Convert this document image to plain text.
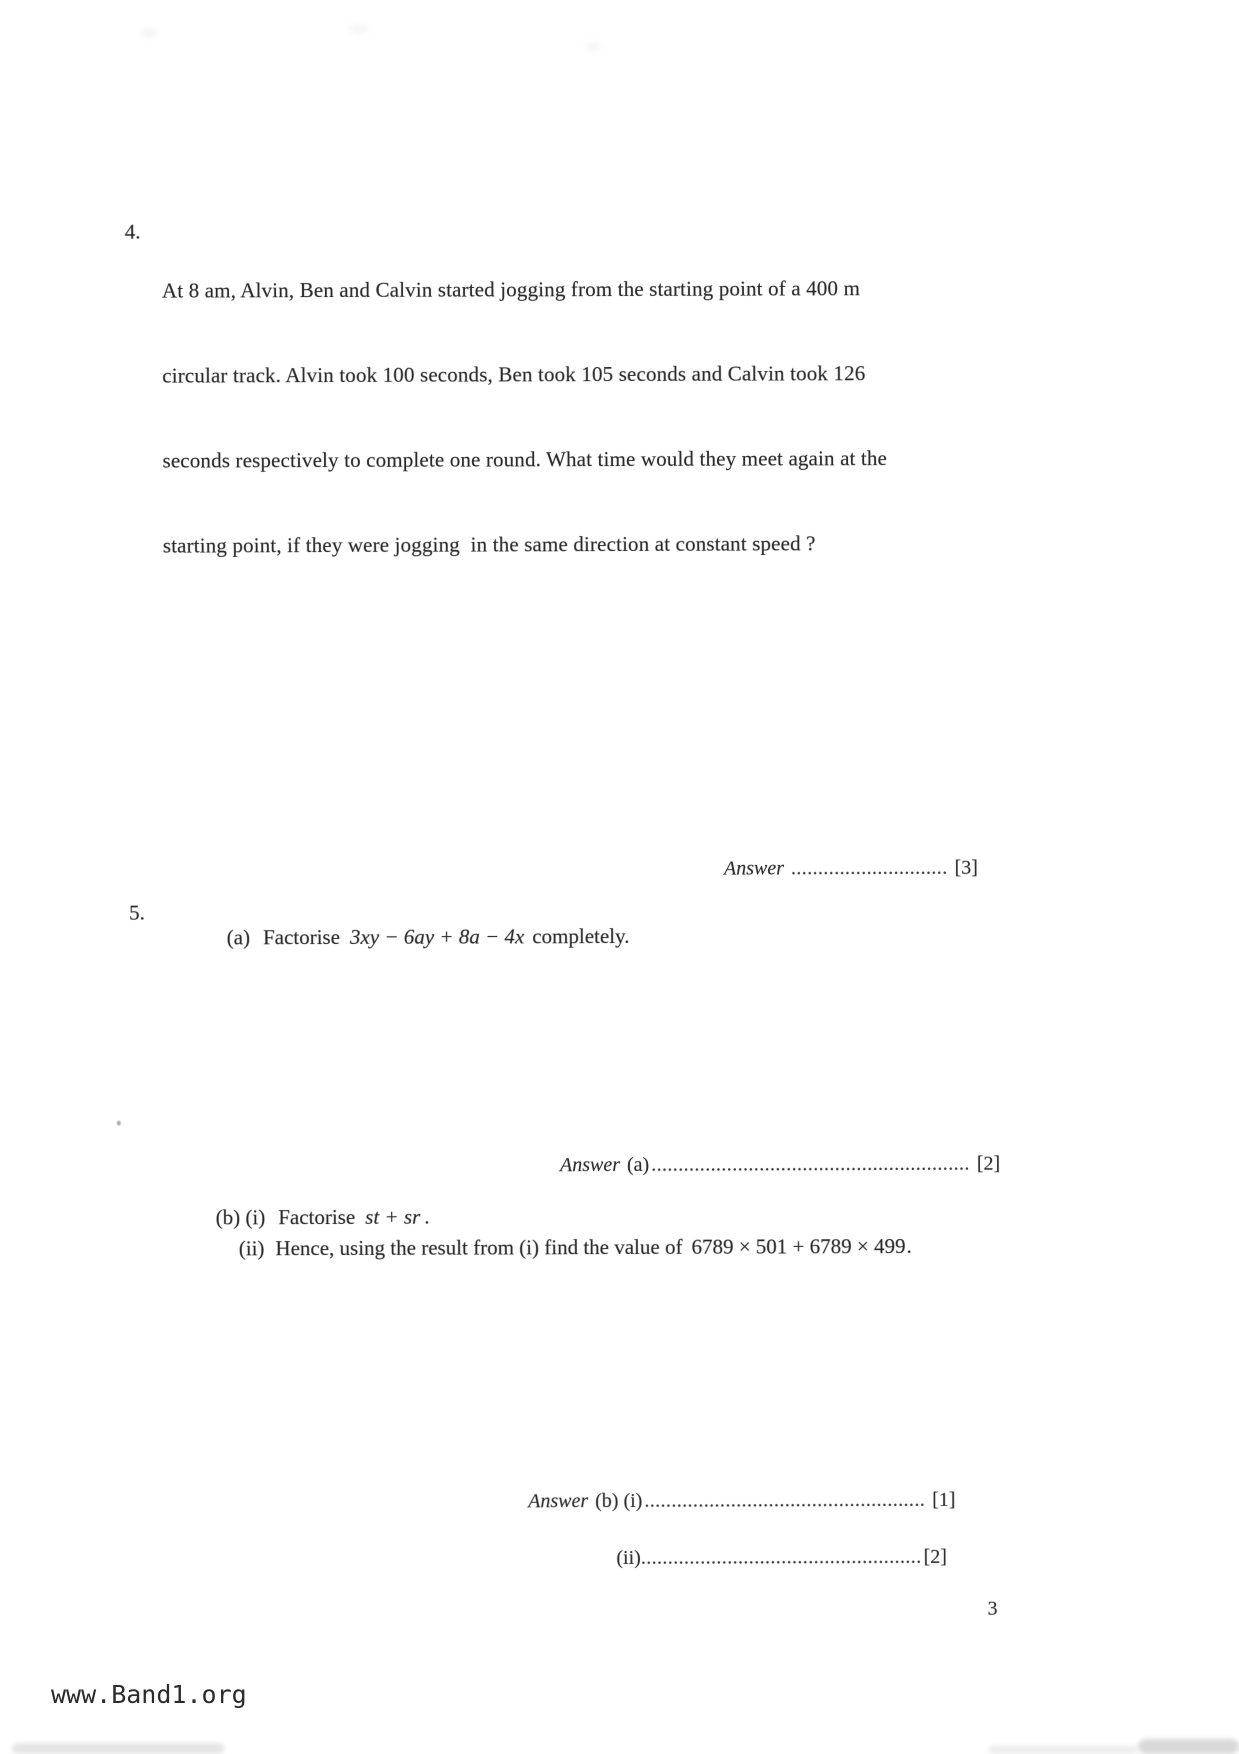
4.

At 8 am, Alvin, Ben and Calvin started jogging from the starting point of a 400 m

circular track. Alvin took 100 seconds, Ben took 105 seconds and Calvin took 126

seconds respectively to complete one round. What time would they meet again at the

starting point, if they were jogging  in the same direction at constant speed ?

Answer ............................. [3]

5.

(a) Factorise 3xy − 6ay + 8a − 4x completely.

Answer (a)........................................................... [2]

(b) (i) Factorise st + sr .

(ii) Hence, using the result from (i) find the value of 6789 × 501 + 6789 × 499.

Answer (b) (i).................................................... [1]

(ii)....................................................[2]

3
www.Band1.org
